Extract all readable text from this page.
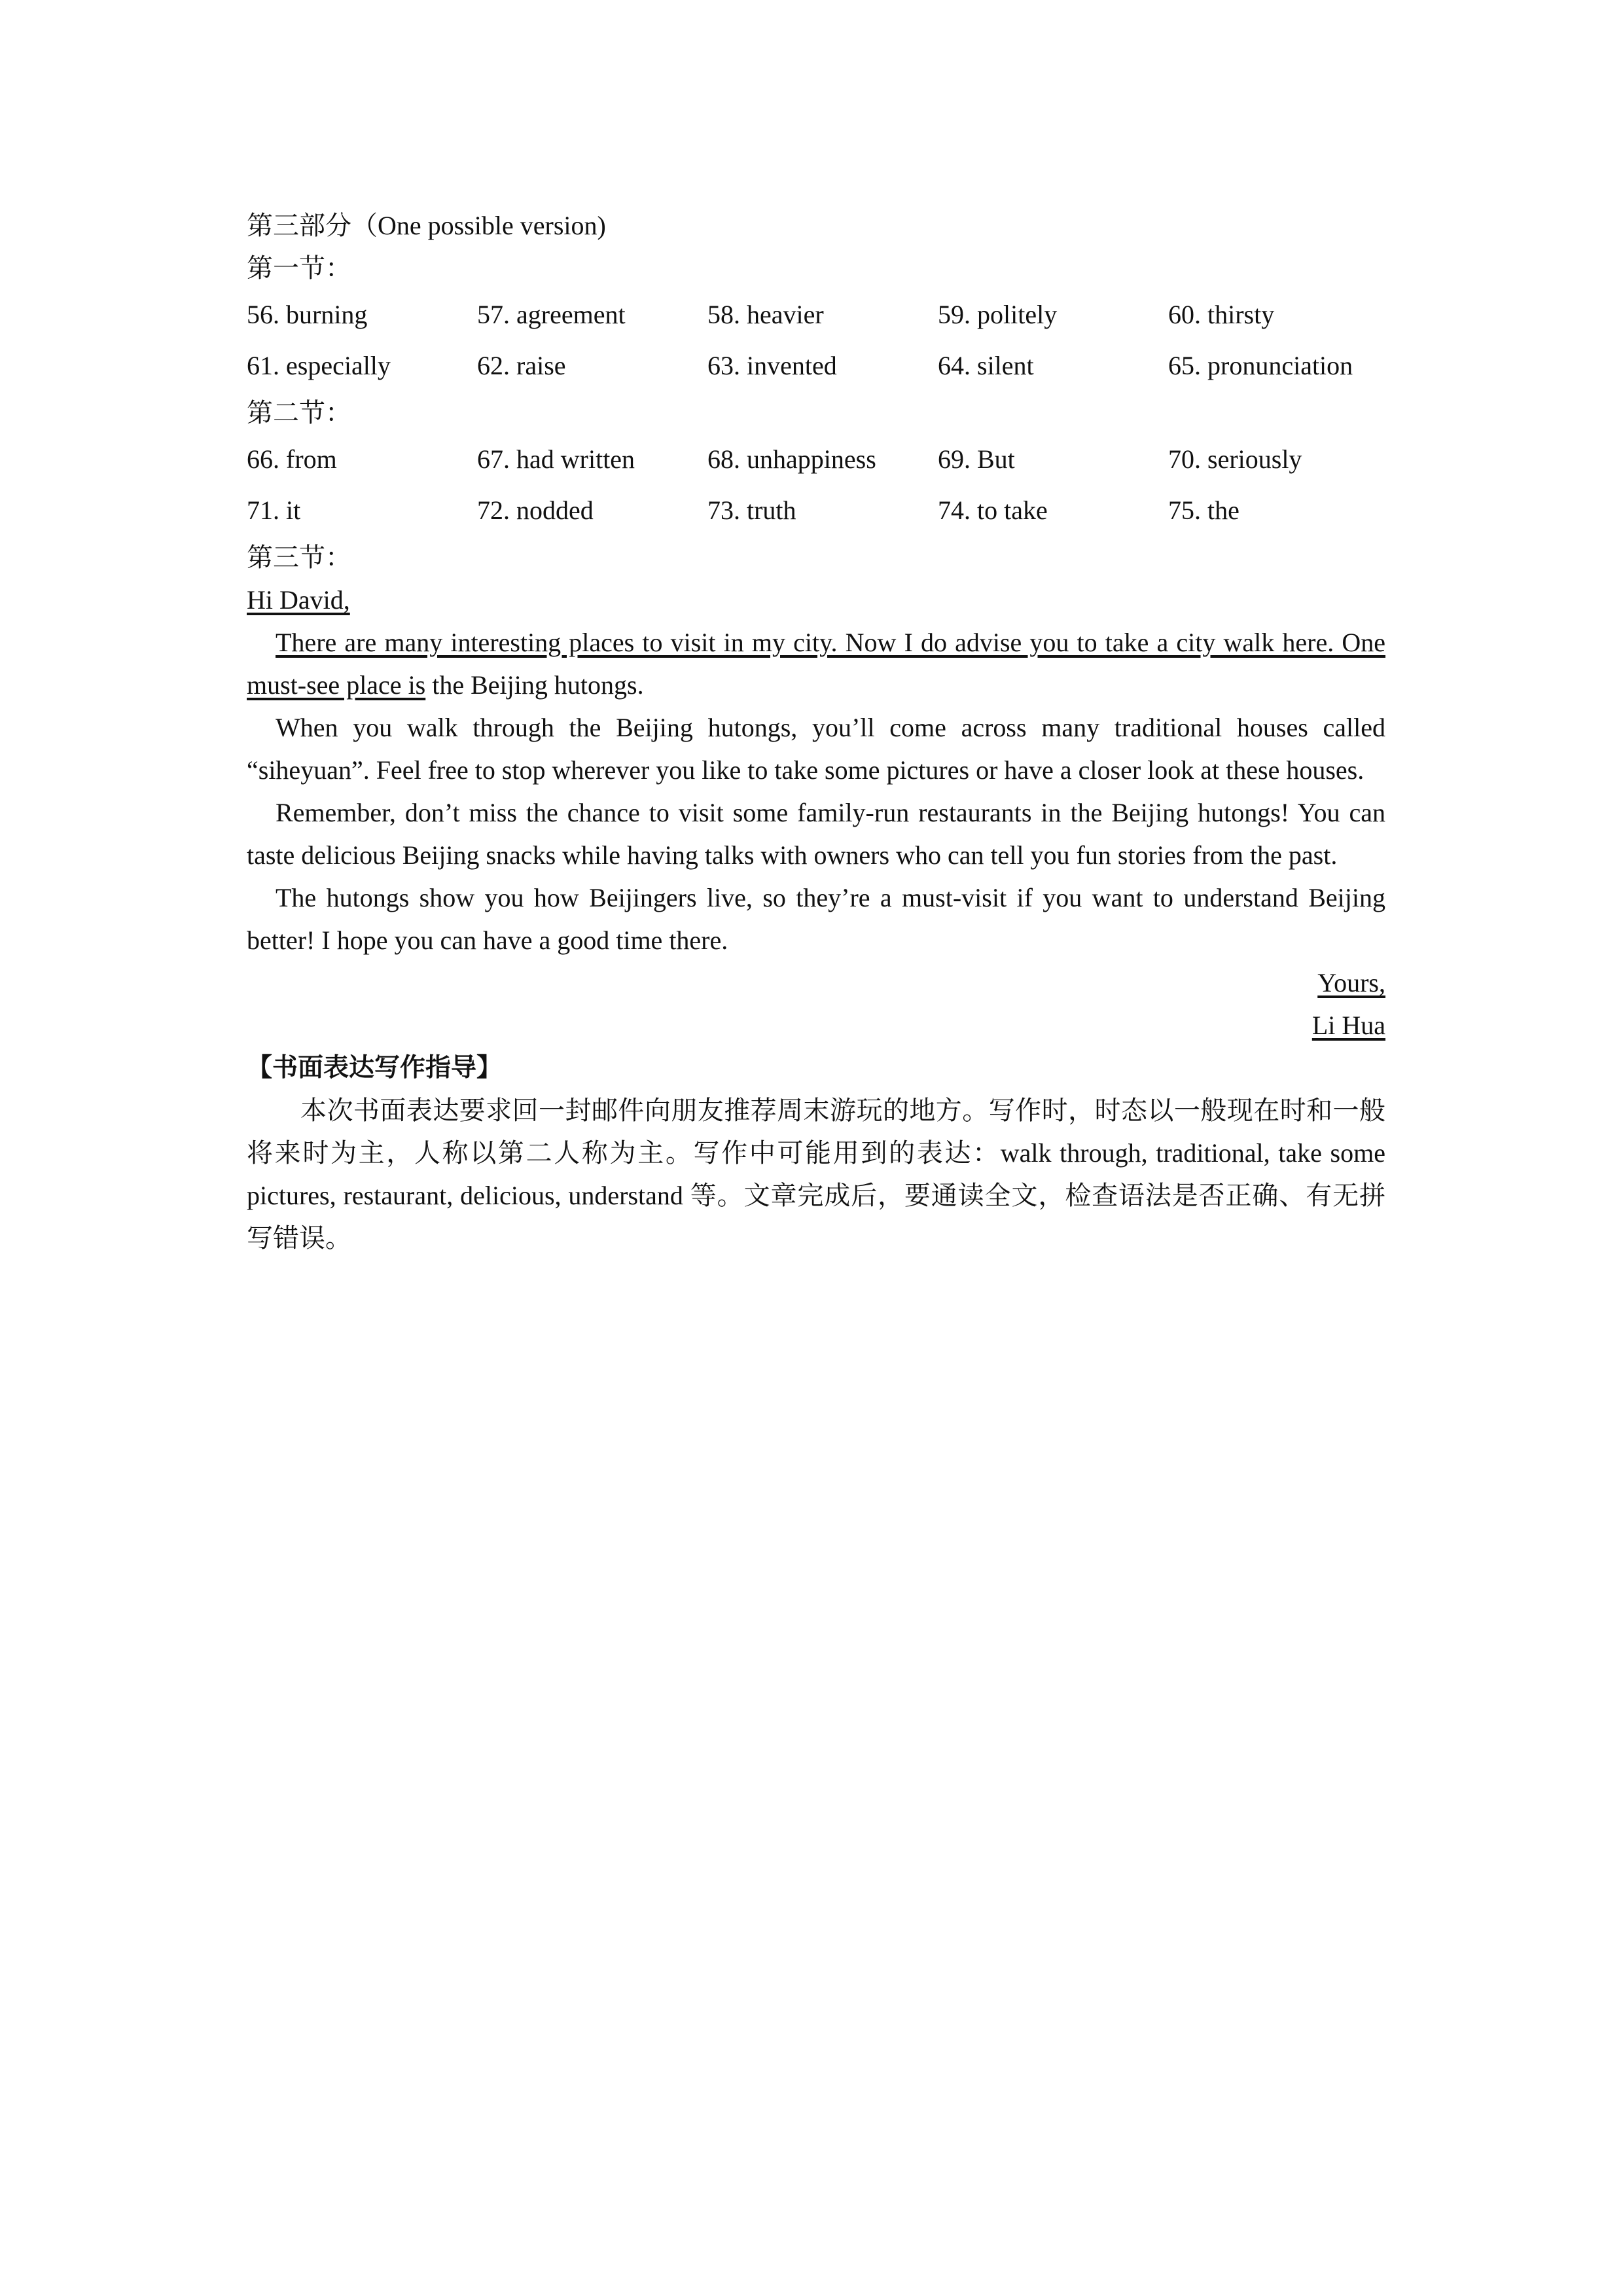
第三部分（One possible version)

第一节：

56. burning	57. agreement	58. heavier	59. politely	60. thirsty
61. especially	62. raise	63. invented	64. silent	65. pronunciation

第二节：

66. from	67. had written	68. unhappiness	69. But	70. seriously
71. it	72. nodded	73. truth	74. to take	75. the

第三节：

Hi David,

There are many interesting places to visit in my city. Now I do advise you to take a city walk here. One must-see place is the Beijing hutongs.

When you walk through the Beijing hutongs, you’ll come across many traditional houses called “siheyuan”. Feel free to stop wherever you like to take some pictures or have a closer look at these houses.

Remember, don’t miss the chance to visit some family-run restaurants in the Beijing hutongs! You can taste delicious Beijing snacks while having talks with owners who can tell you fun stories from the past.

The hutongs show you how Beijingers live, so they’re a must-visit if you want to understand Beijing better! I hope you can have a good time there.

Yours,

Li Hua

【书面表达写作指导】

本次书面表达要求回一封邮件向朋友推荐周末游玩的地方。写作时，时态以一般现在时和一般将来时为主，人称以第二人称为主。写作中可能用到的表达：walk through, traditional, take some pictures, restaurant, delicious, understand 等。文章完成后，要通读全文，检查语法是否正确、有无拼写错误。
